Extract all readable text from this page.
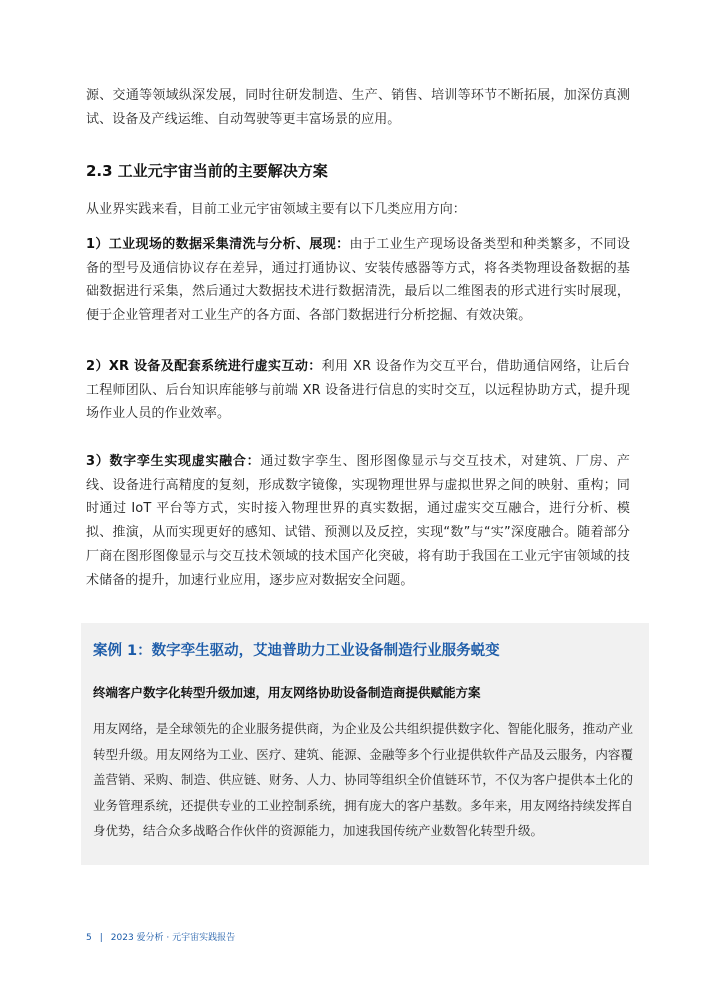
源、交通等领域纵深发展，同时往研发制造、生产、销售、培训等环节不断拓展，加深仿真测试、设备及产线运维、自动驾驶等更丰富场景的应用。

2.3 工业元宇宙当前的主要解决方案

从业界实践来看，目前工业元宇宙领域主要有以下几类应用方向：

1）工业现场的数据采集清洗与分析、展现：由于工业生产现场设备类型和种类繁多，不同设备的型号及通信协议存在差异，通过打通协议、安装传感器等方式，将各类物理设备数据的基础数据进行采集，然后通过大数据技术进行数据清洗，最后以二维图表的形式进行实时展现，便于企业管理者对工业生产的各方面、各部门数据进行分析挖掘、有效决策。

2）XR 设备及配套系统进行虚实互动：利用 XR 设备作为交互平台，借助通信网络，让后台工程师团队、后台知识库能够与前端 XR 设备进行信息的实时交互，以远程协助方式，提升现场作业人员的作业效率。

3）数字孪生实现虚实融合：通过数字孪生、图形图像显示与交互技术，对建筑、厂房、产线、设备进行高精度的复刻，形成数字镜像，实现物理世界与虚拟世界之间的映射、重构；同时通过 IoT 平台等方式，实时接入物理世界的真实数据，通过虚实交互融合，进行分析、模拟、推演，从而实现更好的感知、试错、预测以及反控，实现“数”与“实”深度融合。随着部分厂商在图形图像显示与交互技术领域的技术国产化突破，将有助于我国在工业元宇宙领域的技术储备的提升，加速行业应用，逐步应对数据安全问题。

案例 1：数字孪生驱动，艾迪普助力工业设备制造行业服务蜕变
终端客户数字化转型升级加速，用友网络协助设备制造商提供赋能方案

用友网络，是全球领先的企业服务提供商，为企业及公共组织提供数字化、智能化服务，推动产业转型升级。用友网络为工业、医疗、建筑、能源、金融等多个行业提供软件产品及云服务，内容覆盖营销、采购、制造、供应链、财务、人力、协同等组织全价值链环节，不仅为客户提供本土化的业务管理系统，还提供专业的工业控制系统，拥有庞大的客户基数。多年来，用友网络持续发挥自身优势，结合众多战略合作伙伴的资源能力，加速我国传统产业数智化转型升级。

5 | 2023 爱分析 · 元宇宙实践报告
